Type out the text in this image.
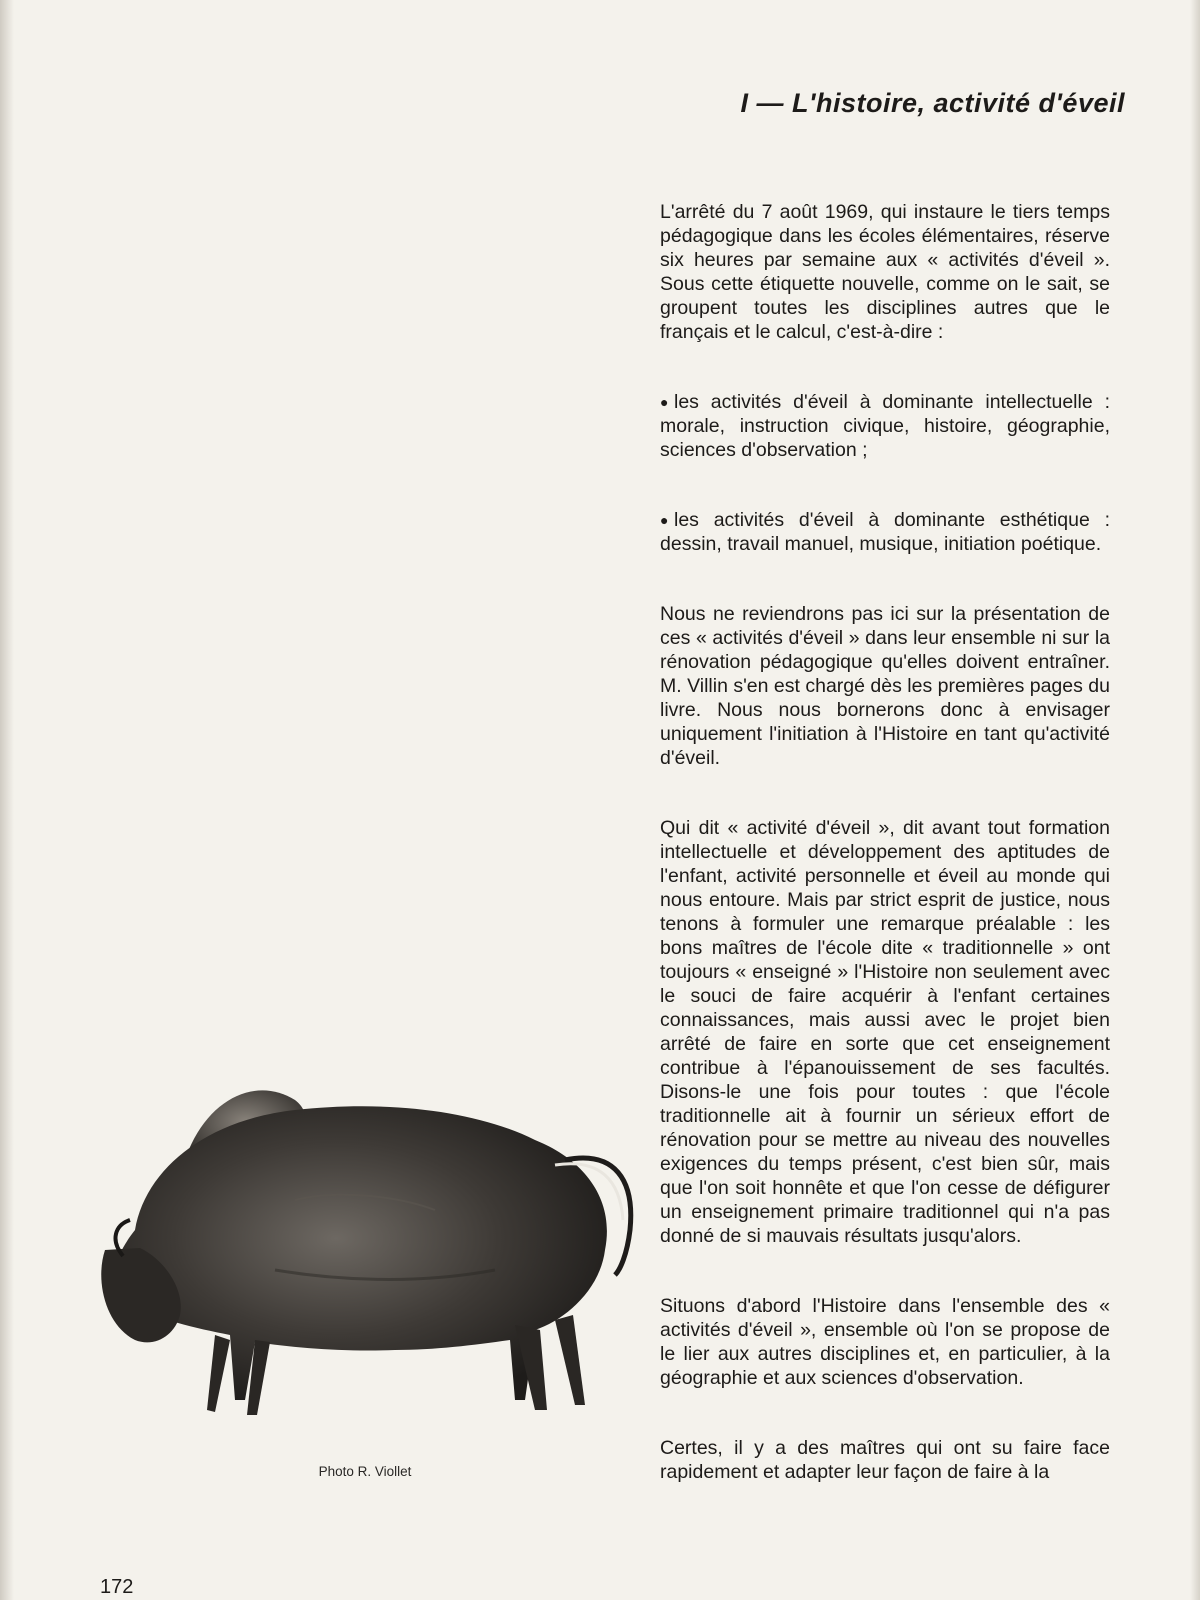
I — L'histoire, activité d'éveil

L'arrêté du 7 août 1969, qui instaure le tiers temps pédagogique dans les écoles élémentaires, réserve six heures par semaine aux « activités d'éveil ». Sous cette étiquette nouvelle, comme on le sait, se groupent toutes les disciplines autres que le français et le calcul, c'est-à-dire :

● les activités d'éveil à dominante intellectuelle : morale, instruction civique, histoire, géographie, sciences d'observation ;

● les activités d'éveil à dominante esthétique : dessin, travail manuel, musique, initiation poétique.

Nous ne reviendrons pas ici sur la présentation de ces « activités d'éveil » dans leur ensemble ni sur la rénovation pédagogique qu'elles doivent entraîner. M. Villin s'en est chargé dès les premières pages du livre. Nous nous bornerons donc à envisager uniquement l'initiation à l'Histoire en tant qu'activité d'éveil.

Qui dit « activité d'éveil », dit avant tout formation intellectuelle et développement des aptitudes de l'enfant, activité personnelle et éveil au monde qui nous entoure. Mais par strict esprit de justice, nous tenons à formuler une remarque préalable : les bons maîtres de l'école dite « traditionnelle » ont toujours « enseigné » l'Histoire non seulement avec le souci de faire acquérir à l'enfant certaines connaissances, mais aussi avec le projet bien arrêté de faire en sorte que cet enseignement contribue à l'épanouissement de ses facultés. Disons-le une fois pour toutes : que l'école traditionnelle ait à fournir un sérieux effort de rénovation pour se mettre au niveau des nouvelles exigences du temps présent, c'est bien sûr, mais que l'on soit honnête et que l'on cesse de défigurer un enseignement primaire traditionnel qui n'a pas donné de si mauvais résultats jusqu'alors.

Situons d'abord l'Histoire dans l'ensemble des « activités d'éveil », ensemble où l'on se propose de le lier aux autres disciplines et, en particulier, à la géographie et aux sciences d'observation.

Certes, il y a des maîtres qui ont su faire face rapidement et adapter leur façon de faire à la

Photo R. Viollet
172
